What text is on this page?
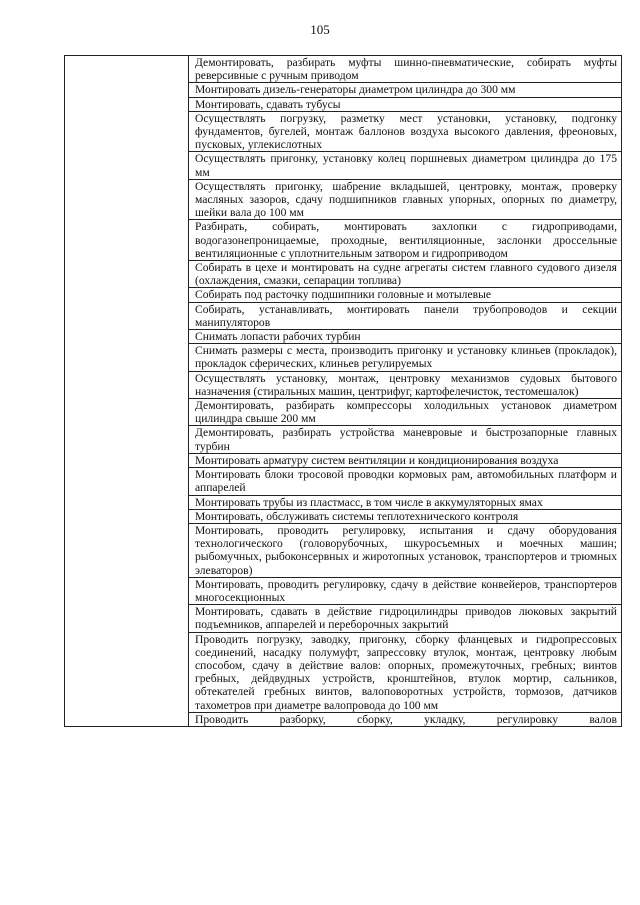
105
	Демонтировать, разбирать муфты шинно-пневматические, собирать муфты реверсивные с ручным приводом
Монтировать дизель-генераторы диаметром цилиндра до 300 мм
Монтировать, сдавать тубусы
Осуществлять погрузку, разметку мест установки, установку, подгонку фундаментов, бугелей, монтаж баллонов воздуха высокого давления, фреоновых, пусковых, углекислотных
Осуществлять пригонку, установку колец поршневых диаметром цилиндра до 175 мм
Осуществлять пригонку, шабрение вкладышей, центровку, монтаж, проверку масляных зазоров, сдачу подшипников главных упорных, опорных по диаметру, шейки вала до 100 мм
Разбирать, собирать, монтировать захлопки с гидроприводами, водогазонепроницаемые, проходные, вентиляционные, заслонки дроссельные вентиляционные с уплотнительным затвором и гидроприводом
Собирать в цехе и монтировать на судне агрегаты систем главного судового дизеля (охлаждения, смазки, сепарации топлива)
Собирать под расточку подшипники головные и мотылевые
Собирать, устанавливать, монтировать панели трубопроводов и секции манипуляторов
Снимать лопасти рабочих турбин
Снимать размеры с места, производить пригонку и установку клиньев (прокладок), прокладок сферических, клиньев регулируемых
Осуществлять установку, монтаж, центровку механизмов судовых бытового назначения (стиральных машин, центрифуг, картофелечисток, тестомешалок)
Демонтировать, разбирать компрессоры холодильных установок диаметром цилиндра свыше 200 мм
Демонтировать, разбирать устройства маневровые и быстрозапорные главных турбин
Монтировать арматуру систем вентиляции и кондиционирования воздуха
Монтировать блоки тросовой проводки кормовых рам, автомобильных платформ и аппарелей
Монтировать трубы из пластмасс, в том числе в аккумуляторных ямах
Монтировать, обслуживать системы теплотехнического контроля
Монтировать, проводить регулировку, испытания и сдачу оборудования технологического (головорубочных, шкуросъемных и моечных машин; рыбомучных, рыбоконсервных и жиротопных установок, транспортеров и трюмных элеваторов)
Монтировать, проводить регулировку, сдачу в действие конвейеров, транспортеров многосекционных
Монтировать, сдавать в действие гидроцилиндры приводов люковых закрытий подъемников, аппарелей и переборочных закрытий
Проводить погрузку, заводку, пригонку, сборку фланцевых и гидропрессовых соединений, насадку полумуфт, запрессовку втулок, монтаж, центровку любым способом, сдачу в действие валов: опорных, промежуточных, гребных; винтов гребных, дейдвудных устройств, кронштейнов, втулок мортир, сальников, обтекателей гребных винтов, валоповоротных устройств, тормозов, датчиков тахометров при диаметре валопровода до 100 мм
Проводить разборку, сборку, укладку, регулировку валов
